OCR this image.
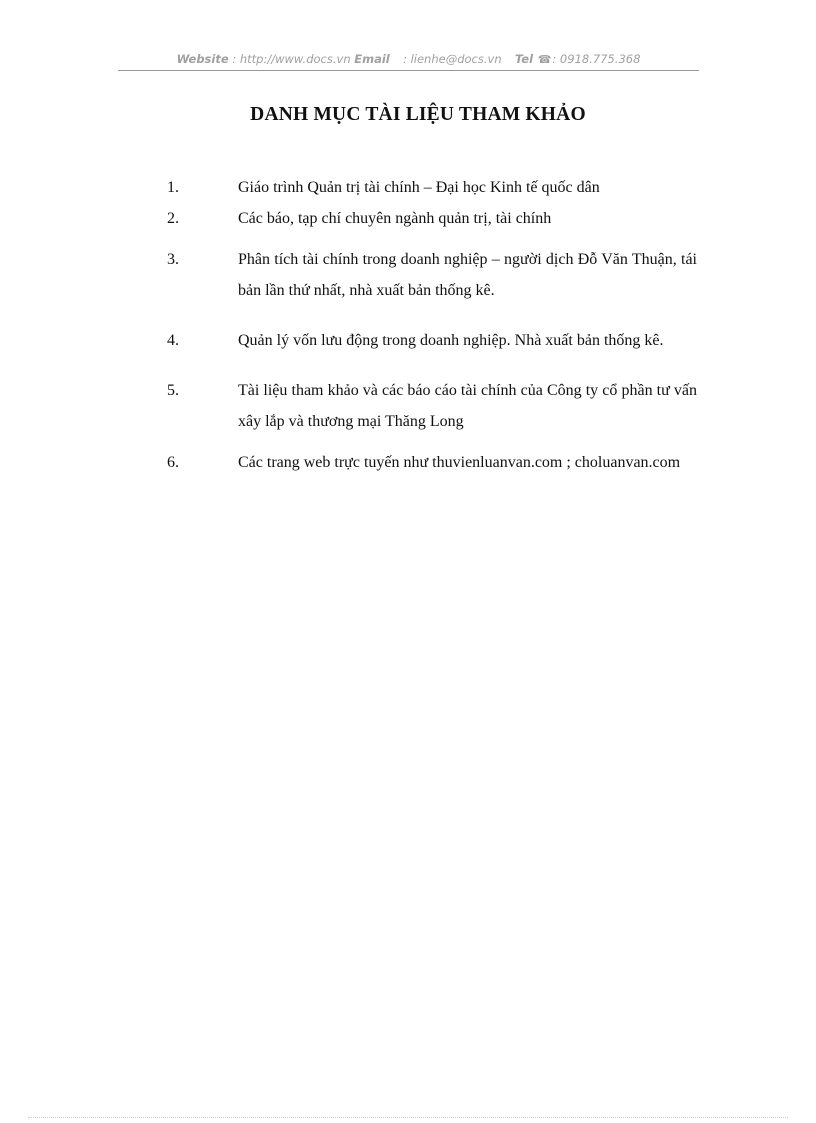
Website : http://www.docs.vn Email : lienhe@docs.vn Tel ☎: 0918.775.368
DANH MỤC TÀI LIỆU THAM KHẢO
1.	Giáo trình Quản trị tài chính – Đại học Kinh tế quốc dân
2.	Các báo, tạp chí chuyên ngành quản trị, tài chính
3.	Phân tích tài chính trong doanh nghiệp – người dịch Đỗ Văn Thuận, tái bản lần thứ nhất, nhà xuất bản thống kê.
4.	Quản lý vốn lưu động trong doanh nghiệp. Nhà xuất bản thống kê.
5.	Tài liệu tham khảo và các báo cáo tài chính của Công ty cổ phần tư vấn xây lắp và thương mại Thăng Long
6.	Các trang web trực tuyến như thuvienluanvan.com ; choluanvan.com
